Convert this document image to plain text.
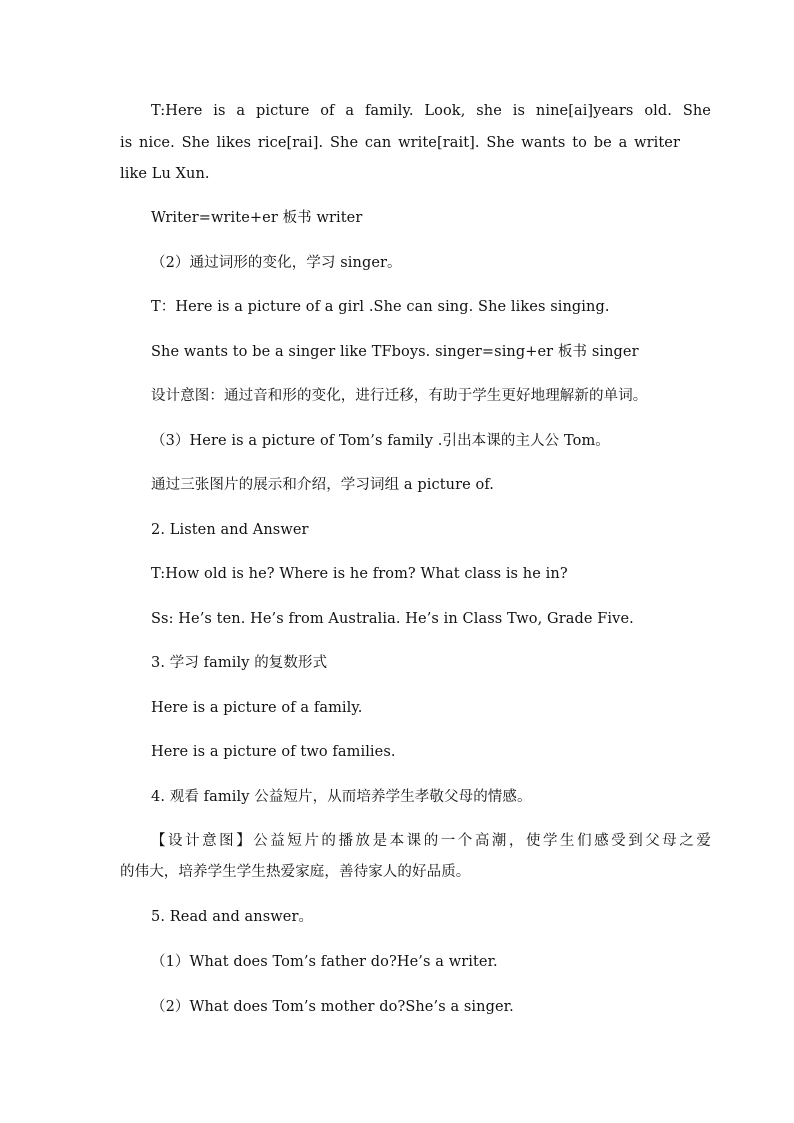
T:Here is a picture of a family. Look, she is nine[ai]years old. She
is nice. She likes rice[rai]. She can write[rait]. She wants to be a writer
like Lu Xun.
Writer=write+er 板书 writer
（2）通过词形的变化，学习 singer。
T：Here is a picture of a girl .She can sing. She likes singing.
She wants to be a singer like TFboys. singer=sing+er 板书 singer
设计意图：通过音和形的变化，进行迁移，有助于学生更好地理解新的单词。
（3）Here is a picture of Tom’s family .引出本课的主人公 Tom。
通过三张图片的展示和介绍，学习词组 a picture of.
2. Listen and Answer
T:How old is he? Where is he from? What class is he in?
Ss: He’s ten. He’s from Australia. He’s in Class Two, Grade Five.
3. 学习 family 的复数形式
Here is a picture of a family.
Here is a picture of two families.
4. 观看 family 公益短片，从而培养学生孝敬父母的情感。
【设计意图】公益短片的播放是本课的一个高潮，使学生们感受到父母之爱
的伟大，培养学生学生热爱家庭，善待家人的好品质。
5. Read and answer。
（1）What does Tom’s father do?He’s a writer.
（2）What does Tom’s mother do?She’s a singer.
